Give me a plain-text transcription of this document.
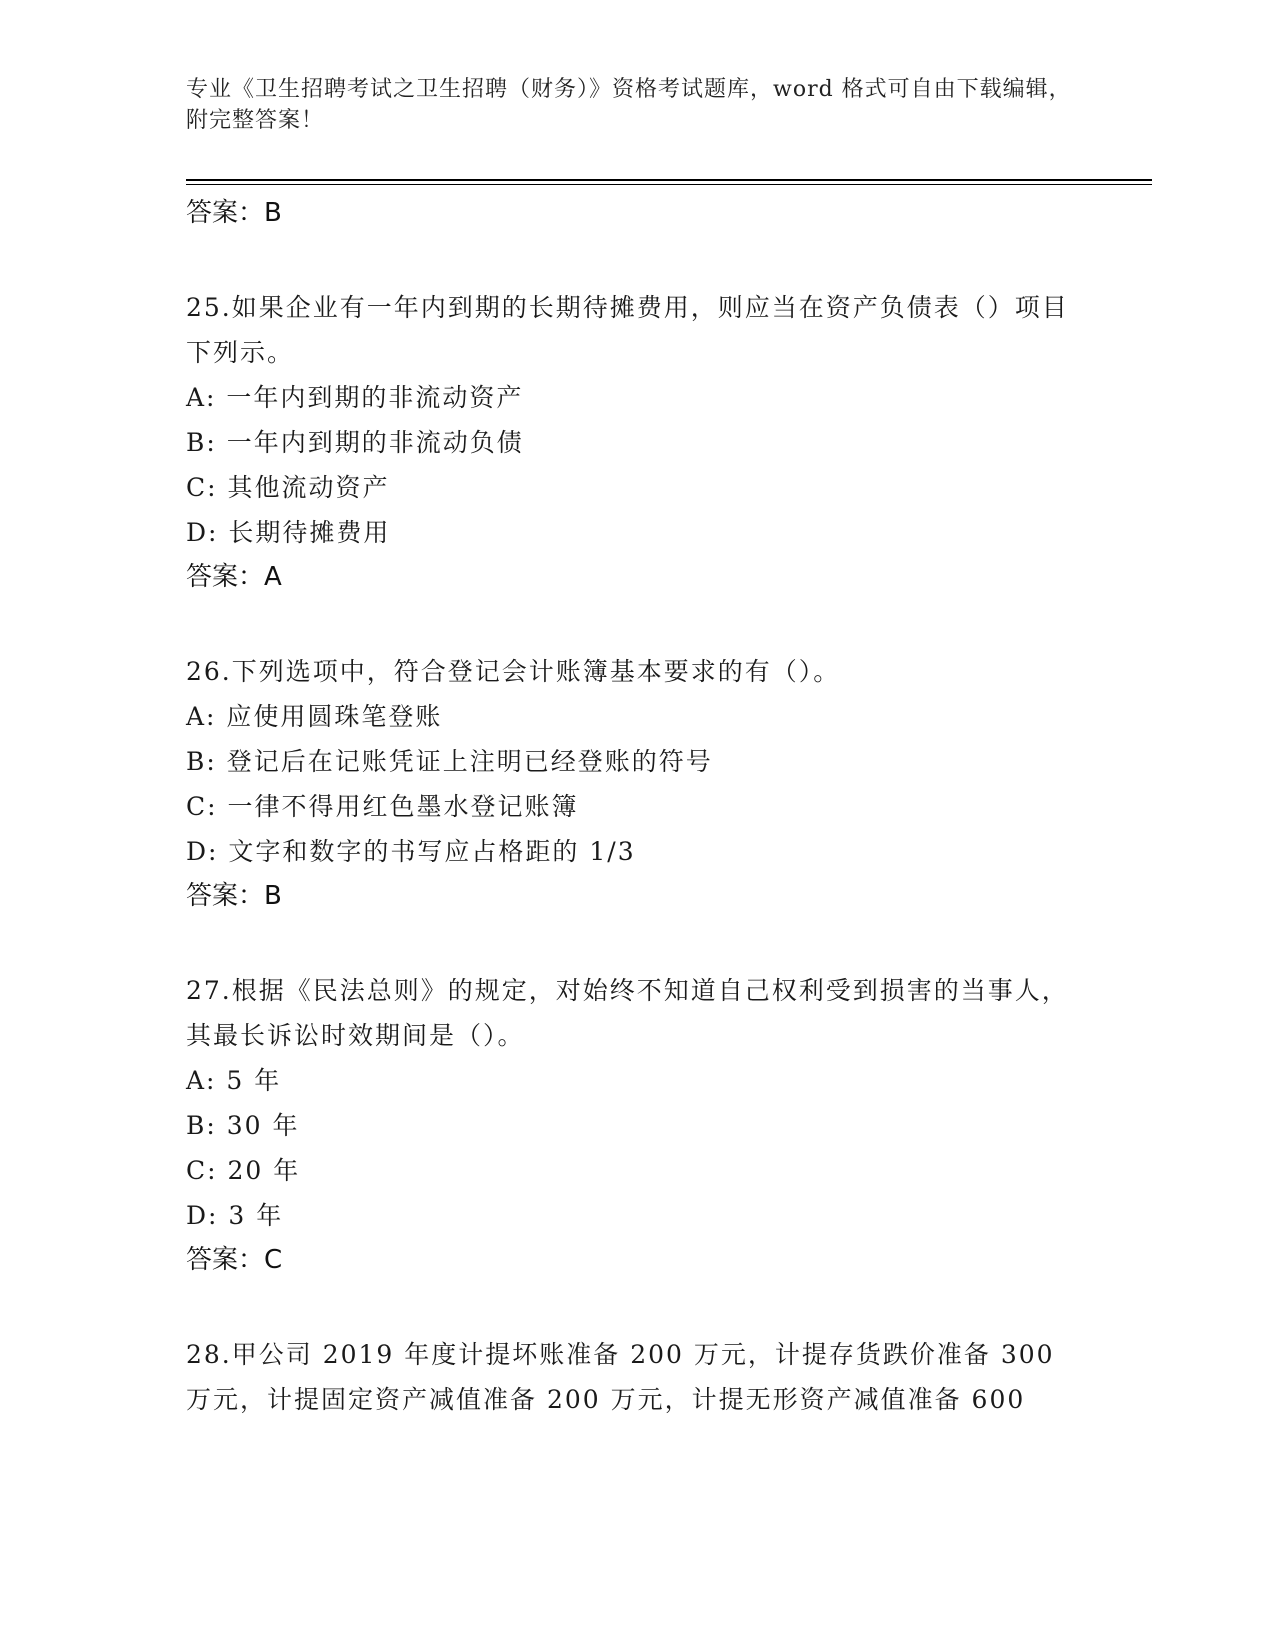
专业《卫生招聘考试之卫生招聘（财务）》资格考试题库，word 格式可自由下载编辑，附完整答案！
答案：B
25.如果企业有一年内到期的长期待摊费用，则应当在资产负债表（）项目下列示。
A: 一年内到期的非流动资产
B: 一年内到期的非流动负债
C: 其他流动资产
D: 长期待摊费用
答案：A
26.下列选项中，符合登记会计账簿基本要求的有（）。
A: 应使用圆珠笔登账
B: 登记后在记账凭证上注明已经登账的符号
C: 一律不得用红色墨水登记账簿
D: 文字和数字的书写应占格距的 1/3
答案：B
27.根据《民法总则》的规定，对始终不知道自己权利受到损害的当事人，其最长诉讼时效期间是（）。
A: 5 年
B: 30 年
C: 20 年
D: 3 年
答案：C
28.甲公司 2019 年度计提坏账准备 200 万元，计提存货跌价准备 300 万元，计提固定资产减值准备 200 万元，计提无形资产减值准备 600
